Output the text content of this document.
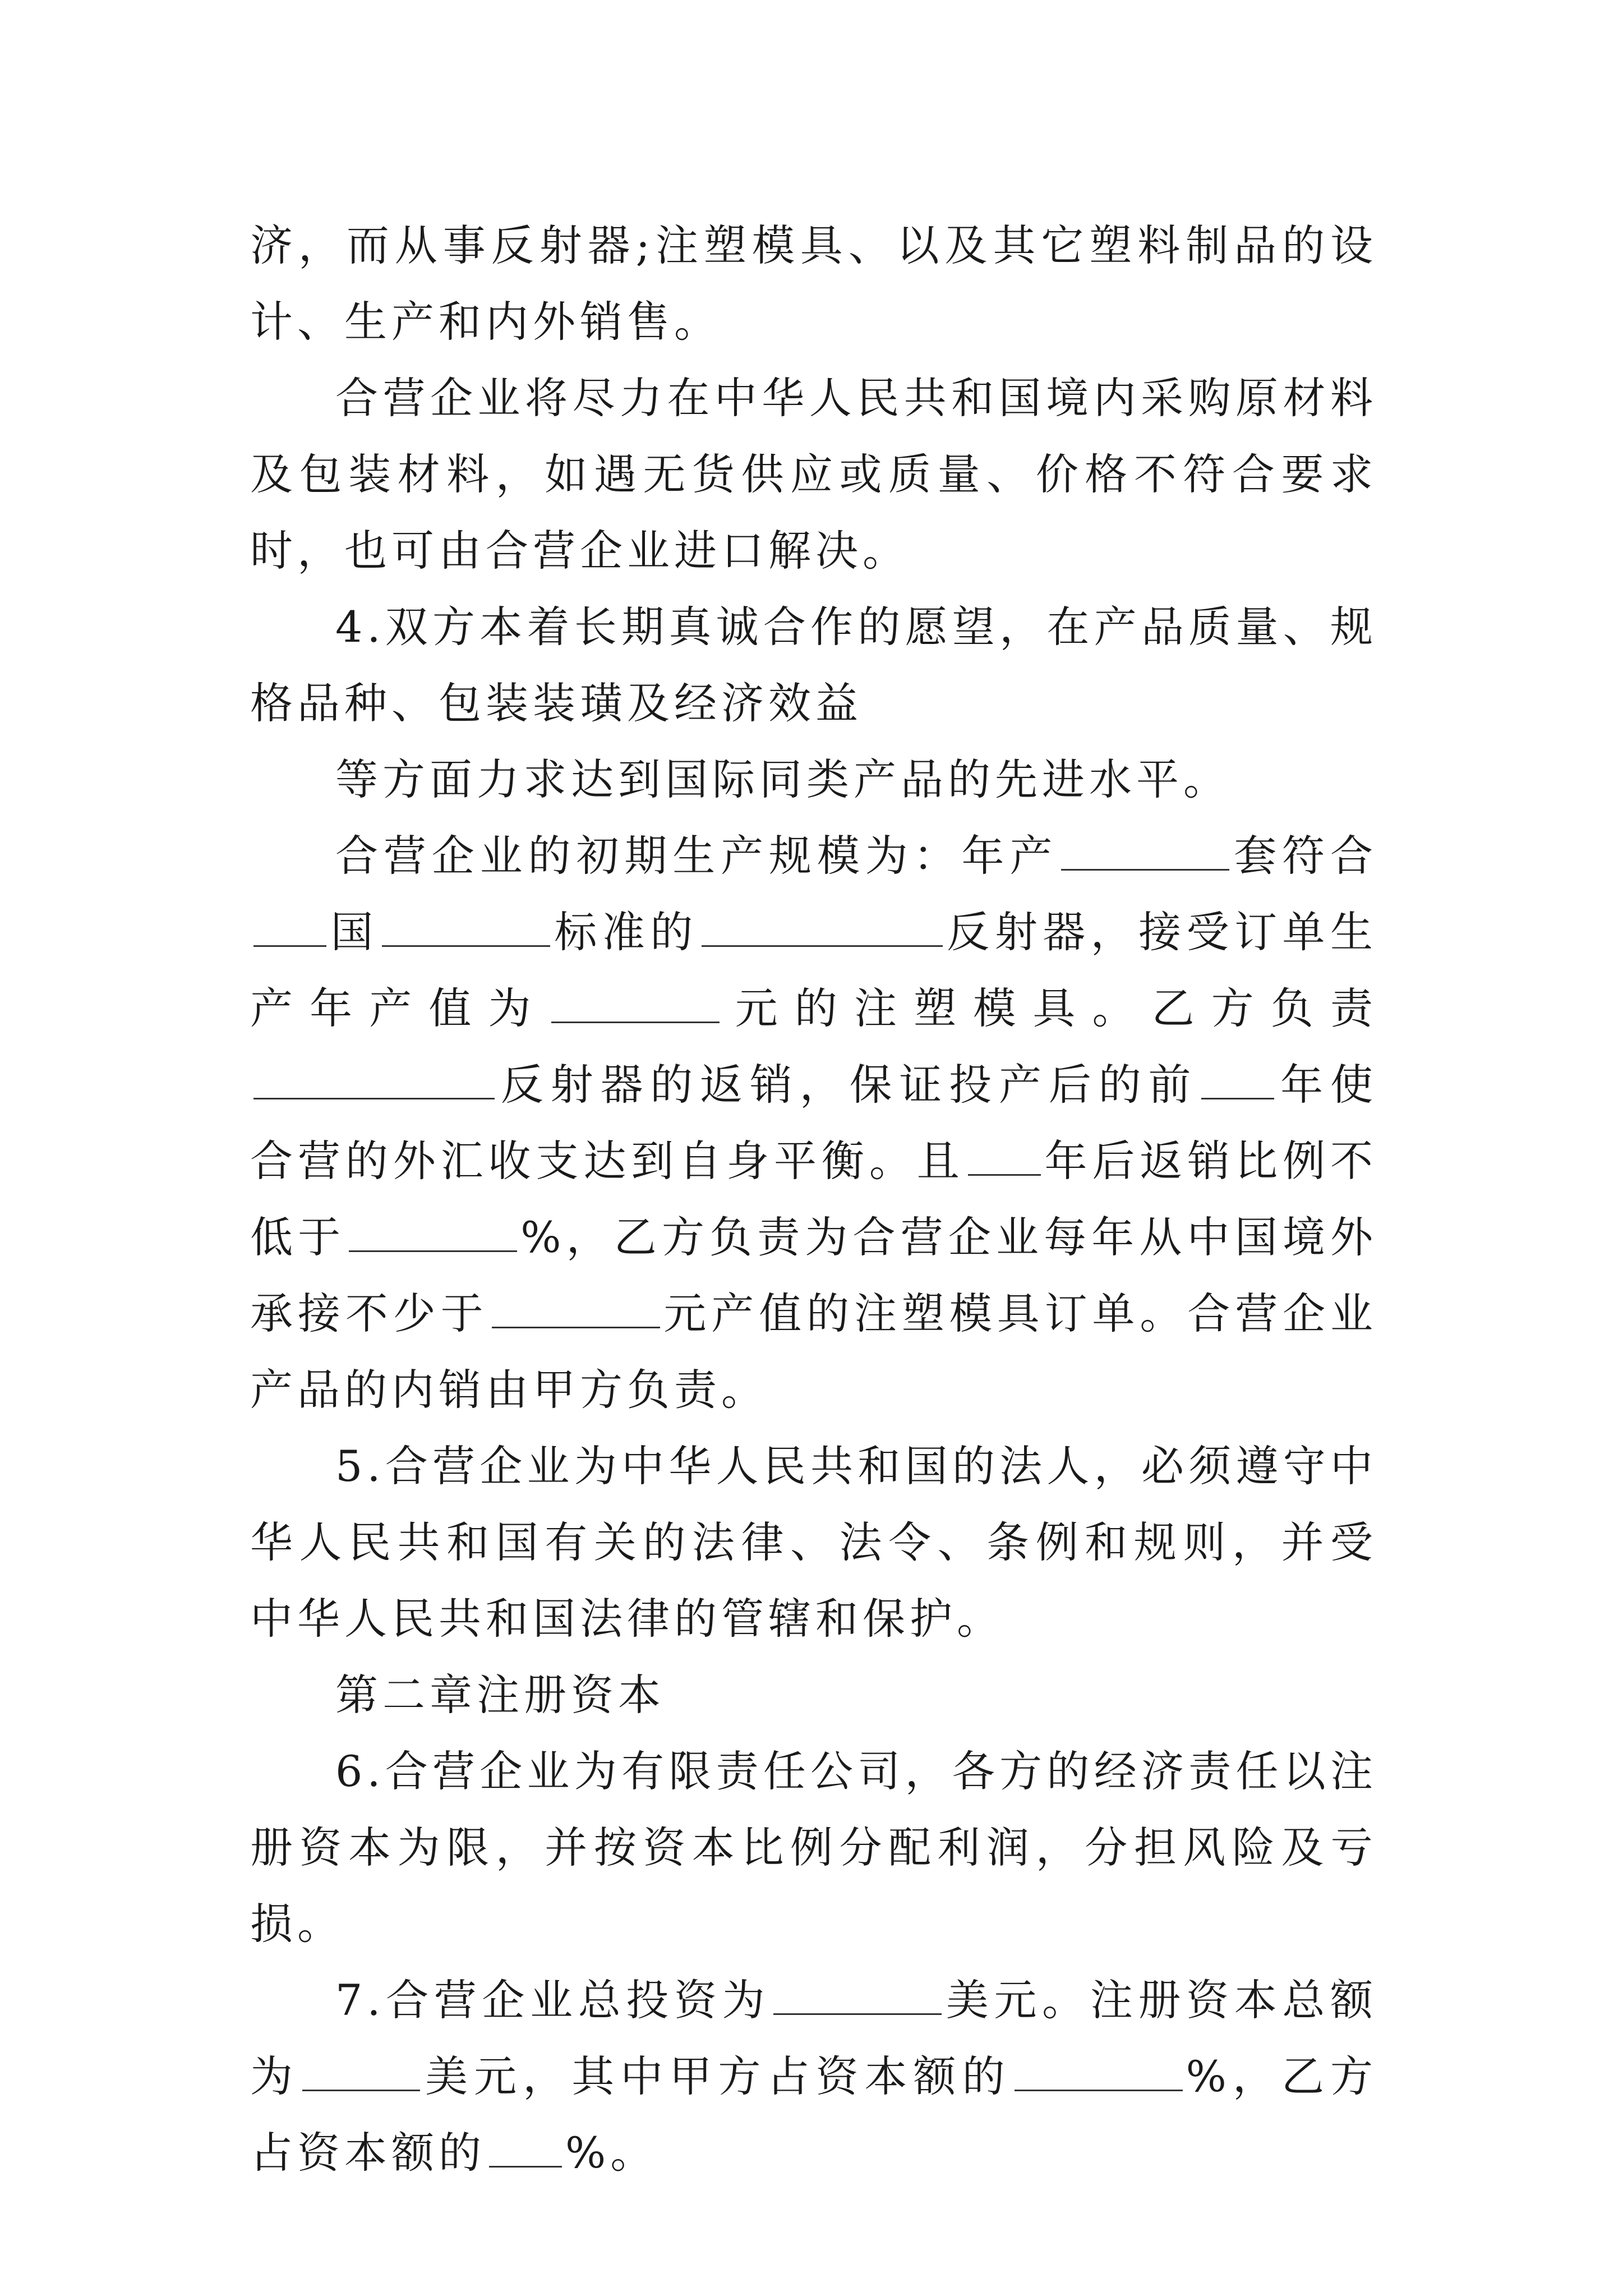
济，而从事反射器;注塑模具、以及其它塑料制品的设计、生产和内外销售。

合营企业将尽力在中华人民共和国境内采购原材料及包装材料，如遇无货供应或质量、价格不符合要求时，也可由合营企业进口解决。

4.双方本着长期真诚合作的愿望，在产品质量、规格品种、包装装璜及经济效益

等方面力求达到国际同类产品的先进水平。

合营企业的初期生产规模为：年产	套符合国	标准的	反射器，接受订单生产年产值为	元的注塑模具。乙方负责反射器的返销，保证投产后的前 年使合营的外汇收支达到自身平衡。且 年后返销比例不低于	%，乙方负责为合营企业每年从中国境外承接不少于	元产值的注塑模具订单。合营企业产品的内销由甲方负责。

5.合营企业为中华人民共和国的法人，必须遵守中华人民共和国有关的法律、法令、条例和规则，并受中华人民共和国法律的管辖和保护。

第二章注册资本

6.合营企业为有限责任公司，各方的经济责任以注册资本为限，并按资本比例分配利润，分担风险及亏损。

7.合营企业总投资为	美元。注册资本总额为	美元，其中甲方占资本额的	%，乙方占资本额的 %。
